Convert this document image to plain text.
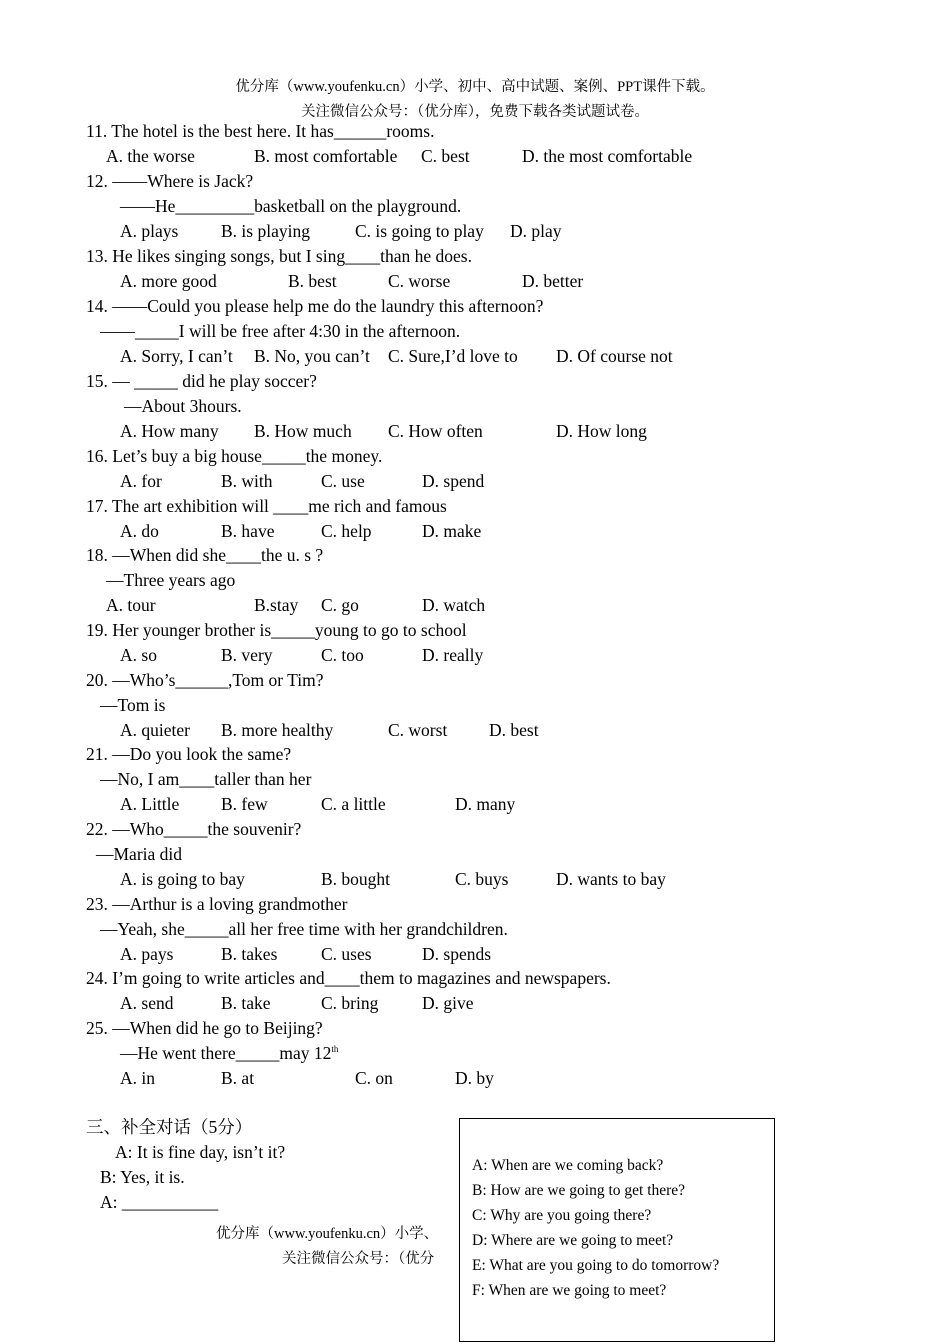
优分库（www.youfenku.cn）小学、初中、高中试题、案例、PPT课件下载。
关注微信公众号：（优分库），免费下载各类试题试卷。
11. The hotel is the best here. It has______rooms.
A. the worse	B. most comfortable C. best	D. the most comfortable
12. ——Where is Jack?
——He_________basketball on the playground.
A. plays B. is playing	C. is going to play D. play
13. He likes singing songs, but I sing____than he does.
A. more good	B. best	C. worse	D. better
14. ——Could you please help me do the laundry this afternoon?
——_____I will be free after 4:30 in the afternoon.
A. Sorry, I can’t B. No, you can’t C. Sure,I’d love to D. Of course not
15. — _____ did he play soccer?
—About 3hours.
A. How many B. How much C. How often	D. How long
16. Let’s buy a big house_____the money.
A. for	B. with	C. use	D. spend
17. The art exhibition will ____me rich and famous
A. do	B. have	C. help	D. make
18. —When did she____the u. s ?
—Three years ago
A. tour	B.stay C. go	D. watch
19. Her younger brother is_____young to go to school
A. so	B. very	C. too	D. really
20. —Who’s______,Tom or Tim?
—Tom is
A. quieter B. more healthy	C. worst D. best
21. —Do you look the same?
—No, I am____taller than her
A. Little B. few	C. a little	D. many
22. —Who_____the souvenir?
—Maria did
A. is going to bay	B. bought	C. buys	D. wants to bay
23. —Arthur is a loving grandmother
—Yeah, she_____all her free time with her grandchildren.
A. pays	B. takes C. uses	D. spends
24. I’m going to write articles and____them to magazines and newspapers.
A. send	B. take	C. bring D. give
25. —When did he go to Beijing?
—He went there_____may 12th
A. in	B. at	C. on	D. by
三、补全对话（5分）
A: It is fine day, isn’t it?
B: Yes, it is.
A: ___________
优分库（www.youfenku.cn）小学、
关注微信公众号：（优分
A: When are we coming back?
B: How are we going to get there?
C: Why are you going there?
D: Where are we going to meet?
E: What are you going to do tomorrow?
F: When are we going to meet?
